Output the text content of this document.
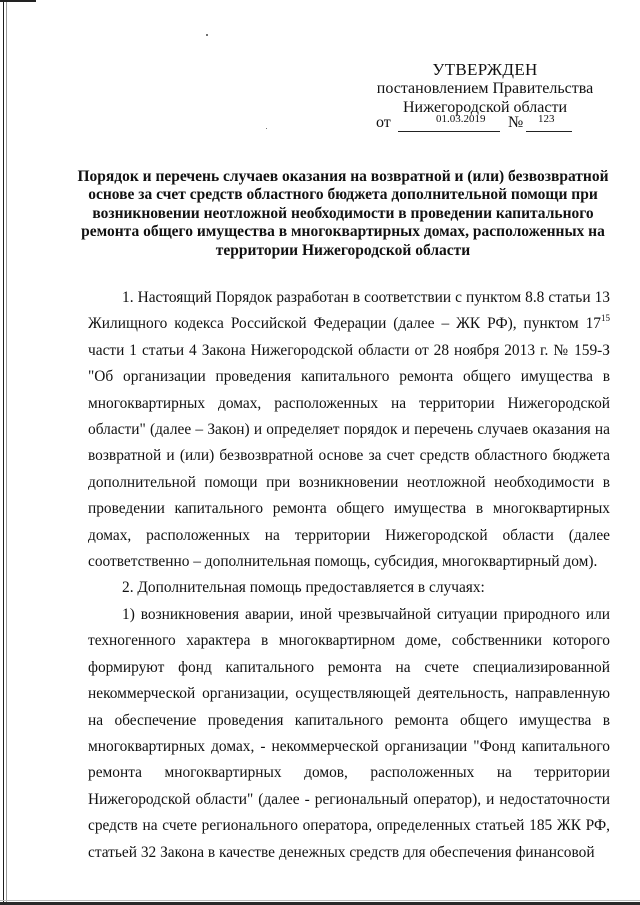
УТВЕРЖДЕН
постановлением Правительства
Нижегородской области
от	01.03.2019 № 123
Порядок и перечень случаев оказания на возвратной и (или) безвозвратной основе за счет средств областного бюджета дополнительной помощи при возникновении неотложной необходимости в проведении капитального ремонта общего имущества в многоквартирных домах, расположенных на территории Нижегородской области

1. Настоящий Порядок разработан в соответствии с пунктом 8.8 статьи 13 Жилищного кодекса Российской Федерации (далее – ЖК РФ), пунктом $17^{15}$ части 1 статьи 4 Закона Нижегородской области от 28 ноября 2013 г. № 159-З "Об организации проведения капитального ремонта общего имущества в многоквартирных домах, расположенных на территории Нижегородской области" (далее – Закон) и определяет порядок и перечень случаев оказания на возвратной и (или) безвозвратной основе за счет средств областного бюджета дополнительной помощи при возникновении неотложной необходимости в проведении капитального ремонта общего имущества в многоквартирных домах, расположенных на территории Нижегородской области (далее соответственно – дополнительная помощь, субсидия, многоквартирный дом).

2. Дополнительная помощь предоставляется в случаях:

1) возникновения аварии, иной чрезвычайной ситуации природного или техногенного характера в многоквартирном доме, собственники которого формируют фонд капитального ремонта на счете специализированной некоммерческой организации, осуществляющей деятельность, направленную на обеспечение проведения капитального ремонта общего имущества в многоквартирных домах, - некоммерческой организации "Фонд капитального ремонта многоквартирных домов, расположенных на территории Нижегородской области" (далее - региональный оператор), и недостаточности средств на счете регионального оператора, определенных статьей 185 ЖК РФ, статьей 32 Закона в качестве денежных средств для обеспечения финансовой
